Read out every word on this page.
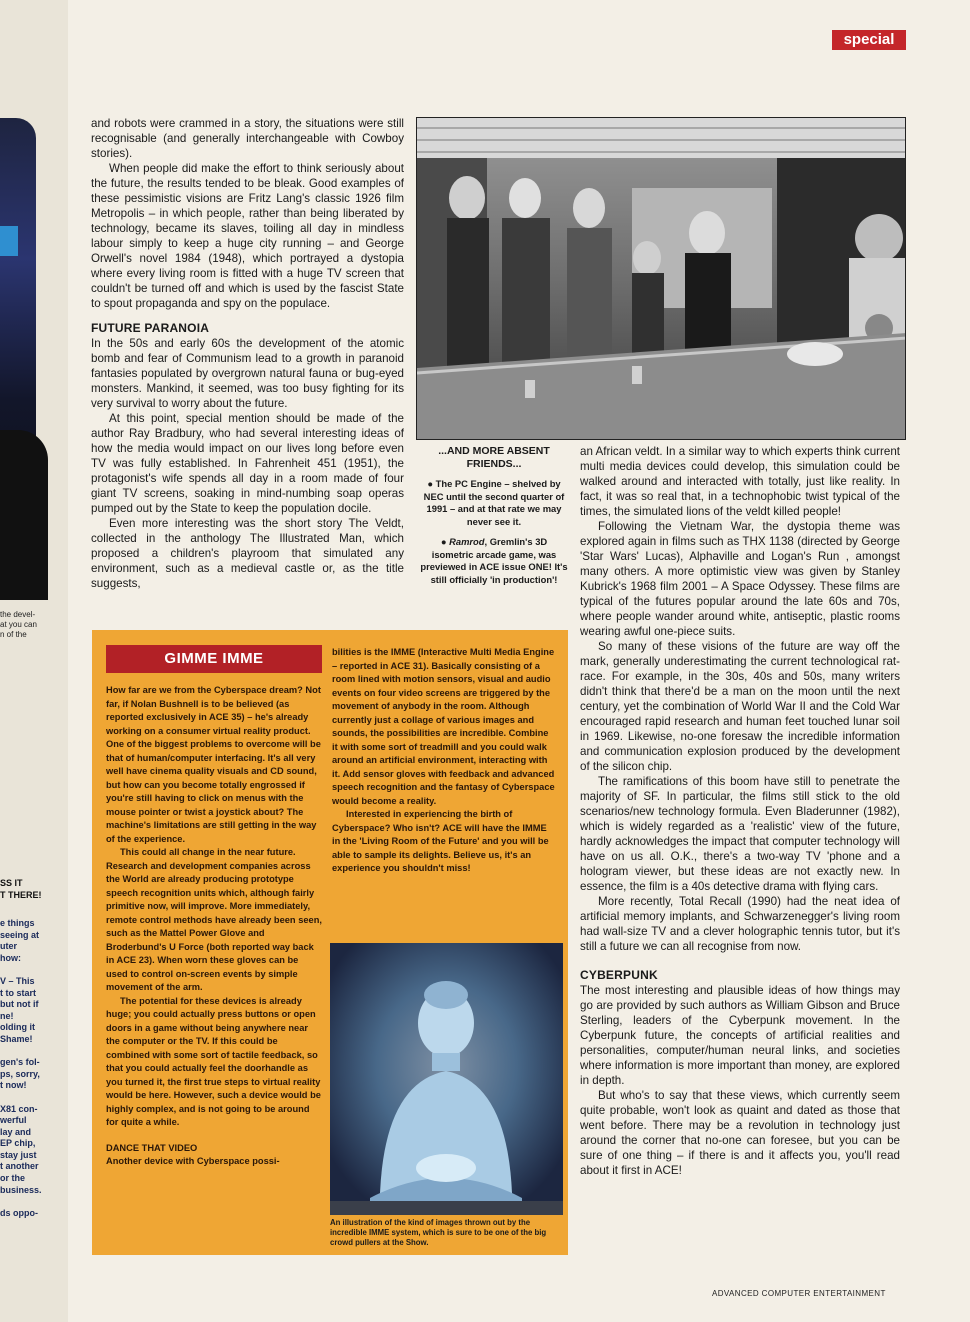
the devel-
at you can
n of the
SS IT
T THERE!
e things
seeing at
uter
how:

V – This
t to start
but not if
ne!
olding it
Shame!

gen's fol-
ps, sorry,
t now!

X81 con-
werful
lay and
EP chip,
stay just
t another
or the
business.

ds oppo-
special

and robots were crammed in a story, the situations were still recognisable (and generally interchangeable with Cowboy stories).

When people did make the effort to think seriously about the future, the results tended to be bleak. Good examples of these pessimistic visions are Fritz Lang's classic 1926 film Metropolis – in which people, rather than being liberated by technology, became its slaves, toiling all day in mindless labour simply to keep a huge city running – and George Orwell's novel 1984 (1948), which portrayed a dystopia where every living room is fitted with a huge TV screen that couldn't be turned off and which is used by the fascist State to spout propaganda and spy on the populace.

FUTURE PARANOIA

In the 50s and early 60s the development of the atomic bomb and fear of Communism lead to a growth in paranoid fantasies populated by overgrown natural fauna or bug-eyed monsters. Mankind, it seemed, was too busy fighting for its very survival to worry about the future.

At this point, special mention should be made of the author Ray Bradbury, who had several interesting ideas of how the media would impact on our lives long before even TV was fully established. In Fahrenheit 451 (1951), the protagonist's wife spends all day in a room made of four giant TV screens, soaking in mind-numbing soap operas pumped out by the State to keep the population docile.

Even more interesting was the short story The Veldt, collected in the anthology The Illustrated Man, which proposed a children's playroom that simulated any environment, such as a medieval castle or, as the title suggests,

...AND MORE ABSENT FRIENDS...

● The PC Engine – shelved by NEC until the second quarter of 1991 – and at that rate we may never see it.

● Ramrod, Gremlin's 3D isometric arcade game, was previewed in ACE issue ONE! It's still officially 'in production'!

an African veldt. In a similar way to which experts think current multi media devices could develop, this simulation could be walked around and interacted with totally, just like reality. In fact, it was so real that, in a technophobic twist typical of the times, the simulated lions of the veldt killed people!

Following the Vietnam War, the dystopia theme was explored again in films such as THX 1138 (directed by George 'Star Wars' Lucas), Alphaville and Logan's Run , amongst many others. A more optimistic view was given by Stanley Kubrick's 1968 film 2001 – A Space Odyssey. These films are typical of the futures popular around the late 60s and 70s, where people wander around white, antiseptic, plastic rooms wearing awful one-piece suits.

So many of these visions of the future are way off the mark, generally underestimating the current technological rat-race. For example, in the 30s, 40s and 50s, many writers didn't think that there'd be a man on the moon until the next century, yet the combination of World War II and the Cold War encouraged rapid research and human feet touched lunar soil in 1969. Likewise, no-one foresaw the incredible information and communication explosion produced by the development of the silicon chip.

The ramifications of this boom have still to penetrate the majority of SF. In particular, the films still stick to the old scenarios/new technology formula. Even Bladerunner (1982), which is widely regarded as a 'realistic' view of the future, hardly acknowledges the impact that computer technology will have on us all. O.K., there's a two-way TV 'phone and a hologram viewer, but these ideas are not exactly new. In essence, the film is a 40s detective drama with flying cars.

More recently, Total Recall (1990) had the neat idea of artificial memory implants, and Schwarzenegger's living room had wall-size TV and a clever holographic tennis tutor, but it's still a future we can all recognise from now.

CYBERPUNK

The most interesting and plausible ideas of how things may go are provided by such authors as William Gibson and Bruce Sterling, leaders of the Cyberpunk movement. In the Cyberpunk future, the concepts of artificial realities and personalities, computer/human neural links, and societies where information is more important than money, are explored in depth.

But who's to say that these views, which currently seem quite probable, won't look as quaint and dated as those that went before. There may be a revolution in technology just around the corner that no-one can foresee, but you can be sure of one thing – if there is and it affects you, you'll read about it first in ACE!

GIMME IMME

How far are we from the Cyberspace dream? Not far, if Nolan Bushnell is to be believed (as reported exclusively in ACE 35) – he's already working on a consumer virtual reality product. One of the biggest problems to overcome will be that of human/computer interfacing. It's all very well have cinema quality visuals and CD sound, but how can you become totally engrossed if you're still having to click on menus with the mouse pointer or twist a joystick about? The machine's limitations are still getting in the way of the experience.

This could all change in the near future. Research and development companies across the World are already producing prototype speech recognition units which, although fairly primitive now, will improve. More immediately, remote control methods have already been seen, such as the Mattel Power Glove and Broderbund's U Force (both reported way back in ACE 23). When worn these gloves can be used to control on-screen events by simple movement of the arm.

The potential for these devices is already huge; you could actually press buttons or open doors in a game without being anywhere near the computer or the TV. If this could be combined with some sort of tactile feedback, so that you could actually feel the doorhandle as you turned it, the first true steps to virtual reality would be here. However, such a device would be highly complex, and is not going to be around for quite a while.

DANCE THAT VIDEO

Another device with Cyberspace possi-

bilities is the IMME (Interactive Multi Media Engine – reported in ACE 31). Basically consisting of a room lined with motion sensors, visual and audio events on four video screens are triggered by the movement of anybody in the room. Although currently just a collage of various images and sounds, the possibilities are incredible. Combine it with some sort of treadmill and you could walk around an artificial environment, interacting with it. Add sensor gloves with feedback and advanced speech recognition and the fantasy of Cyberspace would become a reality.

Interested in experiencing the birth of Cyberspace? Who isn't? ACE will have the IMME in the 'Living Room of the Future' and you will be able to sample its delights. Believe us, it's an experience you shouldn't miss!

An illustration of the kind of images thrown out by the incredible IMME system, which is sure to be one of the big crowd pullers at the Show.
ADVANCED COMPUTER ENTERTAINMENT
